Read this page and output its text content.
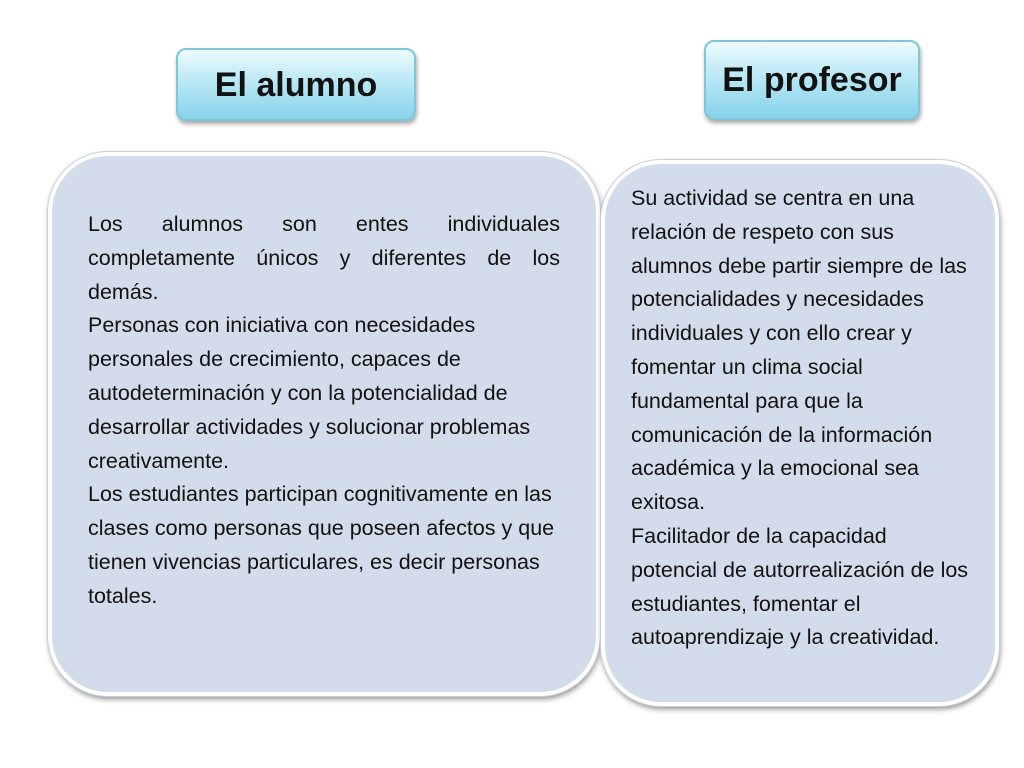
El alumno	El profesor

Los alumnos son entes individuales completamente únicos y diferentes de los demás.

Personas con iniciativa con necesidades personales de crecimiento, capaces de autodeterminación y con la potencialidad de desarrollar actividades y solucionar problemas creativamente.

Los estudiantes participan cognitivamente en las clases como personas que poseen afectos y que tienen vivencias particulares, es decir personas totales.

Su actividad se centra en una relación de respeto con sus alumnos debe partir siempre de las potencialidades y necesidades individuales y con ello crear y fomentar un clima social fundamental para que la comunicación de la información académica y la emocional sea exitosa.

Facilitador de la capacidad potencial de autorrealización de los estudiantes, fomentar el autoaprendizaje y la creatividad.
